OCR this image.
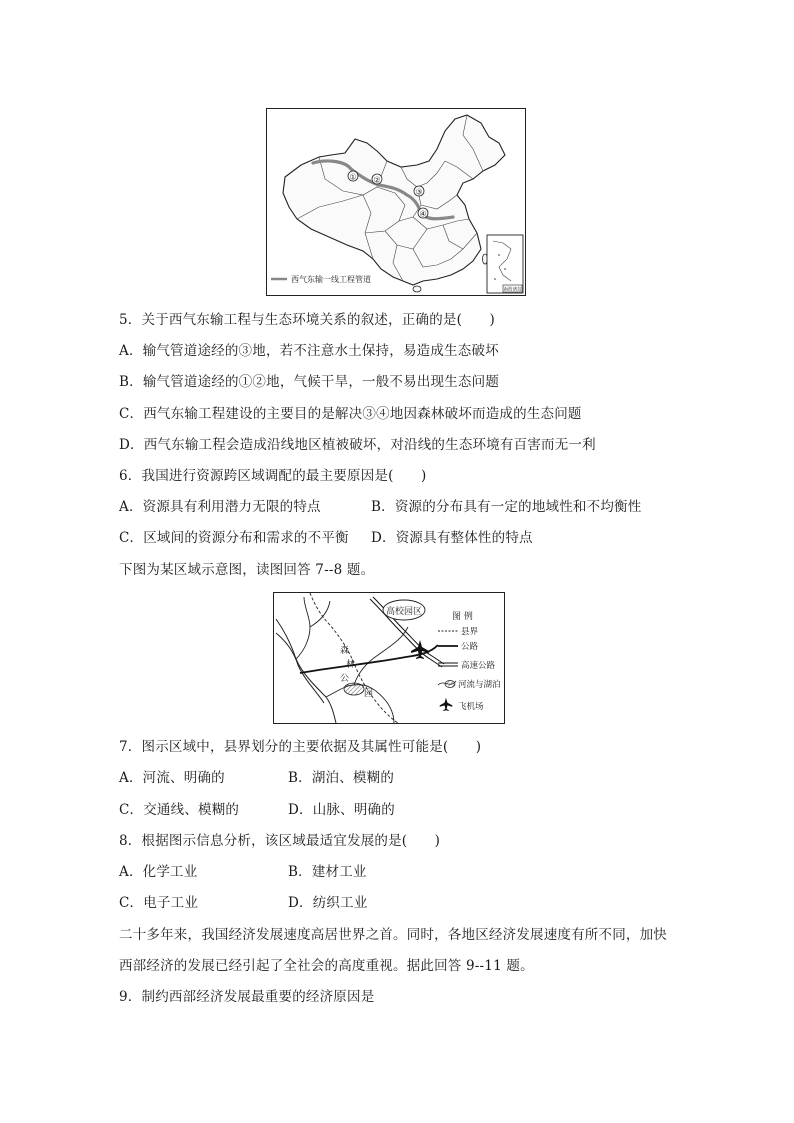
① ②
③
④
南海诸岛
西气东输一线工程管道
5．关于西气东输工程与生态环境关系的叙述，正确的是(　　)
A．输气管道途经的③地，若不注意水土保持，易造成生态破坏
B．输气管道途经的①②地，气候干旱，一般不易出现生态问题
C．西气东输工程建设的主要目的是解决③④地因森林破坏而造成的生态问题
D．西气东输工程会造成沿线地区植被破坏，对沿线的生态环境有百害而无一利
6．我国进行资源跨区域调配的最主要原因是(　　)
A．资源具有利用潜力无限的特点	B．资源的分布具有一定的地域性和不均衡性
C．区域间的资源分布和需求的不平衡 D．资源具有整体性的特点
下图为某区域示意图，读图回答 7--8 题。
高校园区
森
林
公
园
图 例
县界
公路
高速公路
河流与湖泊
飞机场
7．图示区域中，县界划分的主要依据及其属性可能是(　　)
A．河流、明确的	B．湖泊、模糊的
C．交通线、模糊的	D．山脉、明确的
8．根据图示信息分析，该区域最适宜发展的是(　　)
A．化学工业	B．建材工业
C．电子工业	D．纺织工业
二十多年来，我国经济发展速度高居世界之首。同时，各地区经济发展速度有所不同，加快
西部经济的发展已经引起了全社会的高度重视。据此回答 9--11 题。
9．制约西部经济发展最重要的经济原因是
